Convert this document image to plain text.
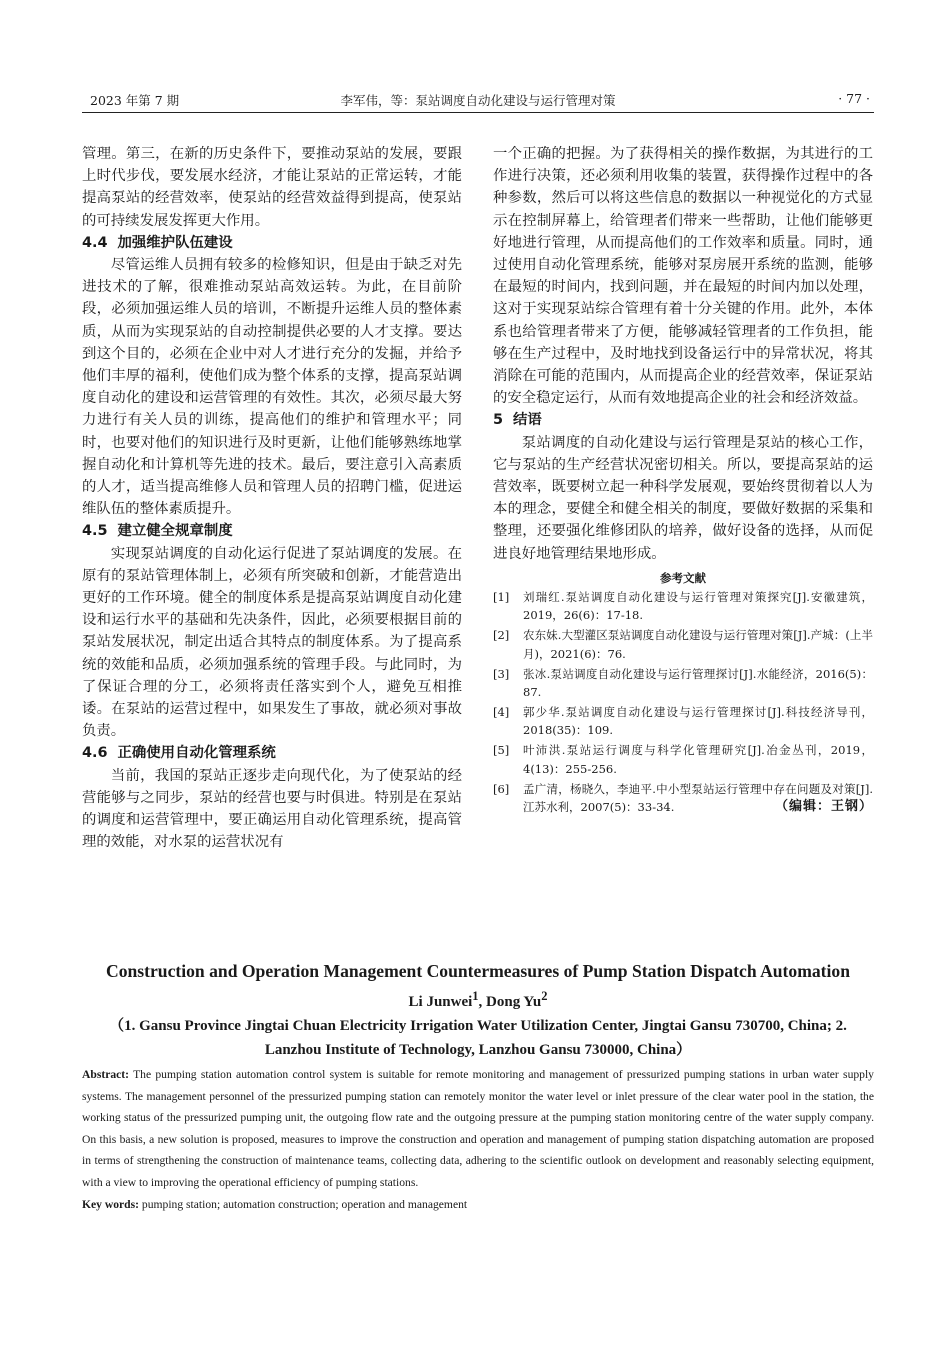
2023 年第 7 期	李军伟，等：泵站调度自动化建设与运行管理对策	· 77 ·

管理。第三，在新的历史条件下，要推动泵站的发展，要跟上时代步伐，要发展水经济，才能让泵站的正常运转，才能提高泵站的经营效率，使泵站的经营效益得到提高，使泵站的可持续发展发挥更大作用。

4.4 加强维护队伍建设

尽管运维人员拥有较多的检修知识，但是由于缺乏对先进技术的了解，很难推动泵站高效运转。为此，在目前阶段，必须加强运维人员的培训，不断提升运维人员的整体素质，从而为实现泵站的自动控制提供必要的人才支撑。要达到这个目的，必须在企业中对人才进行充分的发掘，并给予他们丰厚的福利，使他们成为整个体系的支撑，提高泵站调度自动化的建设和运营管理的有效性。其次，必须尽最大努力进行有关人员的训练，提高他们的维护和管理水平；同时，也要对他们的知识进行及时更新，让他们能够熟练地掌握自动化和计算机等先进的技术。最后，要注意引入高素质的人才，适当提高维修人员和管理人员的招聘门槛，促进运维队伍的整体素质提升。

4.5 建立健全规章制度

实现泵站调度的自动化运行促进了泵站调度的发展。在原有的泵站管理体制上，必须有所突破和创新，才能营造出更好的工作环境。健全的制度体系是提高泵站调度自动化建设和运行水平的基础和先决条件，因此，必须要根据目前的泵站发展状况，制定出适合其特点的制度体系。为了提高系统的效能和品质，必须加强系统的管理手段。与此同时，为了保证合理的分工，必须将责任落实到个人，避免互相推诿。在泵站的运营过程中，如果发生了事故，就必须对事故负责。

4.6 正确使用自动化管理系统

当前，我国的泵站正逐步走向现代化，为了使泵站的经营能够与之同步，泵站的经营也要与时俱进。特别是在泵站的调度和运营管理中，要正确运用自动化管理系统，提高管理的效能，对水泵的运营状况有

一个正确的把握。为了获得相关的操作数据，为其进行的工作进行决策，还必须利用收集的装置，获得操作过程中的各种参数，然后可以将这些信息的数据以一种视觉化的方式显示在控制屏幕上，给管理者们带来一些帮助，让他们能够更好地进行管理，从而提高他们的工作效率和质量。同时，通过使用自动化管理系统，能够对泵房展开系统的监测，能够在最短的时间内，找到问题，并在最短的时间内加以处理，这对于实现泵站综合管理有着十分关键的作用。此外，本体系也给管理者带来了方便，能够减轻管理者的工作负担，能够在生产过程中，及时地找到设备运行中的异常状况，将其消除在可能的范围内，从而提高企业的经营效率，保证泵站的安全稳定运行，从而有效地提高企业的社会和经济效益。

5 结语

泵站调度的自动化建设与运行管理是泵站的核心工作，它与泵站的生产经营状况密切相关。所以，要提高泵站的运营效率，既要树立起一种科学发展观，要始终贯彻着以人为本的理念，要健全和健全相关的制度，要做好数据的采集和整理，还要强化维修团队的培养，做好设备的选择，从而促进良好地管理结果地形成。

参考文献
[1] 刘瑞红.泵站调度自动化建设与运行管理对策探究[J].安徽建筑，2019，26(6)：17-18.
[2] 农东妹.大型灌区泵站调度自动化建设与运行管理对策[J].产城：(上半月)，2021(6)：76.
[3] 张冰.泵站调度自动化建设与运行管理探讨[J].水能经济，2016(5)：87.
[4] 郭少华.泵站调度自动化建设与运行管理探讨[J].科技经济导刊，2018(35)：109.
[5] 叶沛洪.泵站运行调度与科学化管理研究[J].冶金丛刊，2019，4(13)：255-256.
[6] 孟广清，杨晓久，李迪平.中小型泵站运行管理中存在问题及对策[J].江苏水利，2007(5)：33-34.	（编辑：王钢）

Construction and Operation Management Countermeasures of Pump Station Dispatch Automation

Li Junwei$^1$, Dong Yu$^2$

（1. Gansu Province Jingtai Chuan Electricity Irrigation Water Utilization Center, Jingtai Gansu 730700, China; 2. Lanzhou Institute of Technology, Lanzhou Gansu 730000, China）

Abstract: The pumping station automation control system is suitable for remote monitoring and management of pressurized pumping stations in urban water supply systems. The management personnel of the pressurized pumping station can remotely monitor the water level or inlet pressure of the clear water pool in the station, the working status of the pressurized pumping unit, the outgoing flow rate and the outgoing pressure at the pumping station monitoring centre of the water supply company. On this basis, a new solution is proposed, measures to improve the construction and operation and management of pumping station dispatching automation are proposed in terms of strengthening the construction of maintenance teams, collecting data, adhering to the scientific outlook on development and reasonably selecting equipment, with a view to improving the operational efficiency of pumping stations.

Key words: pumping station; automation construction; operation and management
